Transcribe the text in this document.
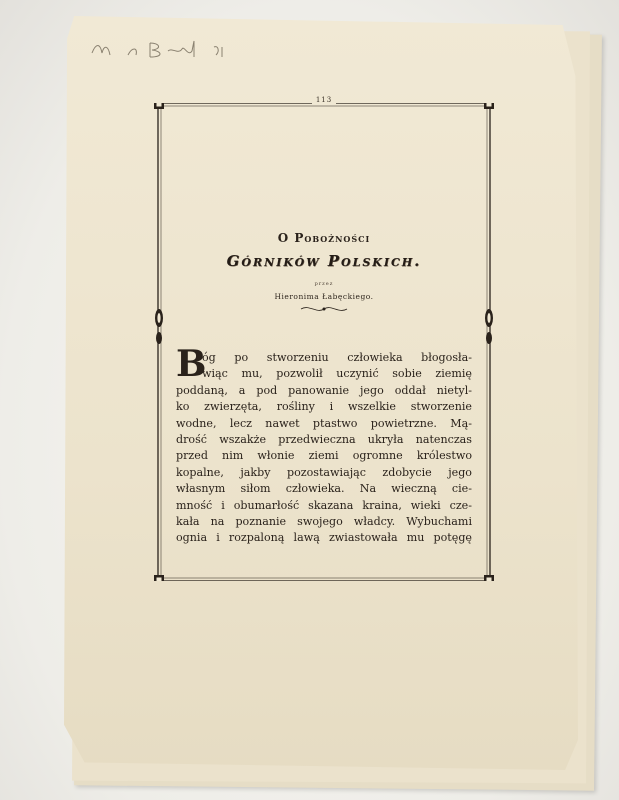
113
O Pobożności
Górników Polskich.
przez
Hieronima Łabęckiego.
B
óg po stworzeniu człowieka błogosła-
wiąc mu, pozwolił uczynić sobie ziemię
poddaną, a pod panowanie jego oddał nietyl-
ko zwierzęta, rośliny i wszelkie stworzenie
wodne, lecz nawet ptastwo powietrzne. Mą-
drość wszakże przedwieczna ukryła natenczas
przed nim włonie ziemi ogromne królestwo
kopalne, jakby pozostawiając zdobycie jego
własnym siłom człowieka. Na wieczną cie-
mność i obumarłość skazana kraina, wieki cze-
kała na poznanie swojego władcy. Wybuchami
ognia i rozpaloną lawą zwiastowała mu potęgę
